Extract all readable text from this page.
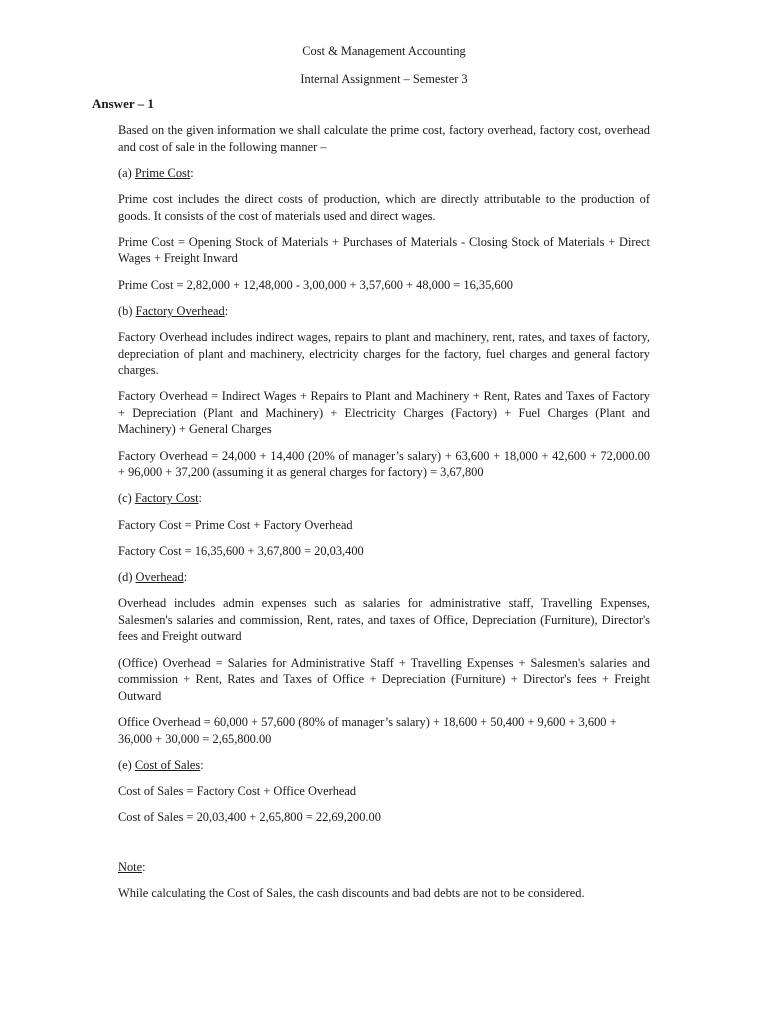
Cost & Management Accounting
Internal Assignment – Semester 3
Answer – 1

Based on the given information we shall calculate the prime cost, factory overhead, factory cost, overhead and cost of sale in the following manner –

(a) Prime Cost:

Prime cost includes the direct costs of production, which are directly attributable to the production of goods. It consists of the cost of materials used and direct wages.

Prime Cost = Opening Stock of Materials + Purchases of Materials - Closing Stock of Materials + Direct Wages + Freight Inward

Prime Cost = 2,82,000 + 12,48,000 - 3,00,000 + 3,57,600 + 48,000 = 16,35,600

(b) Factory Overhead:

Factory Overhead includes indirect wages, repairs to plant and machinery, rent, rates, and taxes of factory, depreciation of plant and machinery, electricity charges for the factory, fuel charges and general factory charges.

Factory Overhead = Indirect Wages + Repairs to Plant and Machinery + Rent, Rates and Taxes of Factory + Depreciation (Plant and Machinery) + Electricity Charges (Factory) + Fuel Charges (Plant and Machinery) + General Charges

Factory Overhead = 24,000 + 14,400 (20% of manager’s salary) + 63,600 + 18,000 + 42,600 + 72,000.00 + 96,000 + 37,200 (assuming it as general charges for factory) = 3,67,800

(c) Factory Cost:

Factory Cost = Prime Cost + Factory Overhead

Factory Cost = 16,35,600 + 3,67,800 = 20,03,400

(d) Overhead:

Overhead includes admin expenses such as salaries for administrative staff, Travelling Expenses, Salesmen's salaries and commission, Rent, rates, and taxes of Office, Depreciation (Furniture), Director's fees and Freight outward

(Office) Overhead = Salaries for Administrative Staff + Travelling Expenses + Salesmen's salaries and commission + Rent, Rates and Taxes of Office + Depreciation (Furniture) + Director's fees + Freight Outward

Office Overhead = 60,000 + 57,600 (80% of manager’s salary) + 18,600 + 50,400 + 9,600 + 3,600 + 36,000 + 30,000 = 2,65,800.00

(e) Cost of Sales:

Cost of Sales = Factory Cost + Office Overhead

Cost of Sales = 20,03,400 + 2,65,800 = 22,69,200.00

Note:

While calculating the Cost of Sales, the cash discounts and bad debts are not to be considered.
